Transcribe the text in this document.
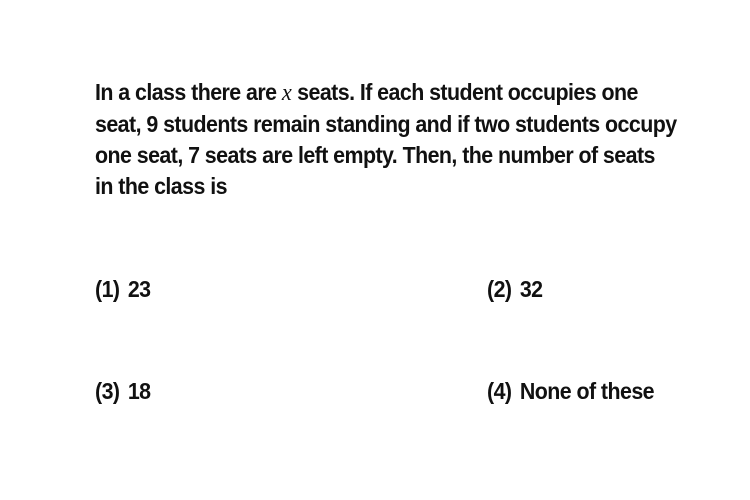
In a class there are x seats. If each student occupies one
seat, 9 students remain standing and if two students occupy
one seat, 7 seats are left empty. Then, the number of seats
in the class is
(1) 23	(2) 32
(3) 18	(4) None of these
